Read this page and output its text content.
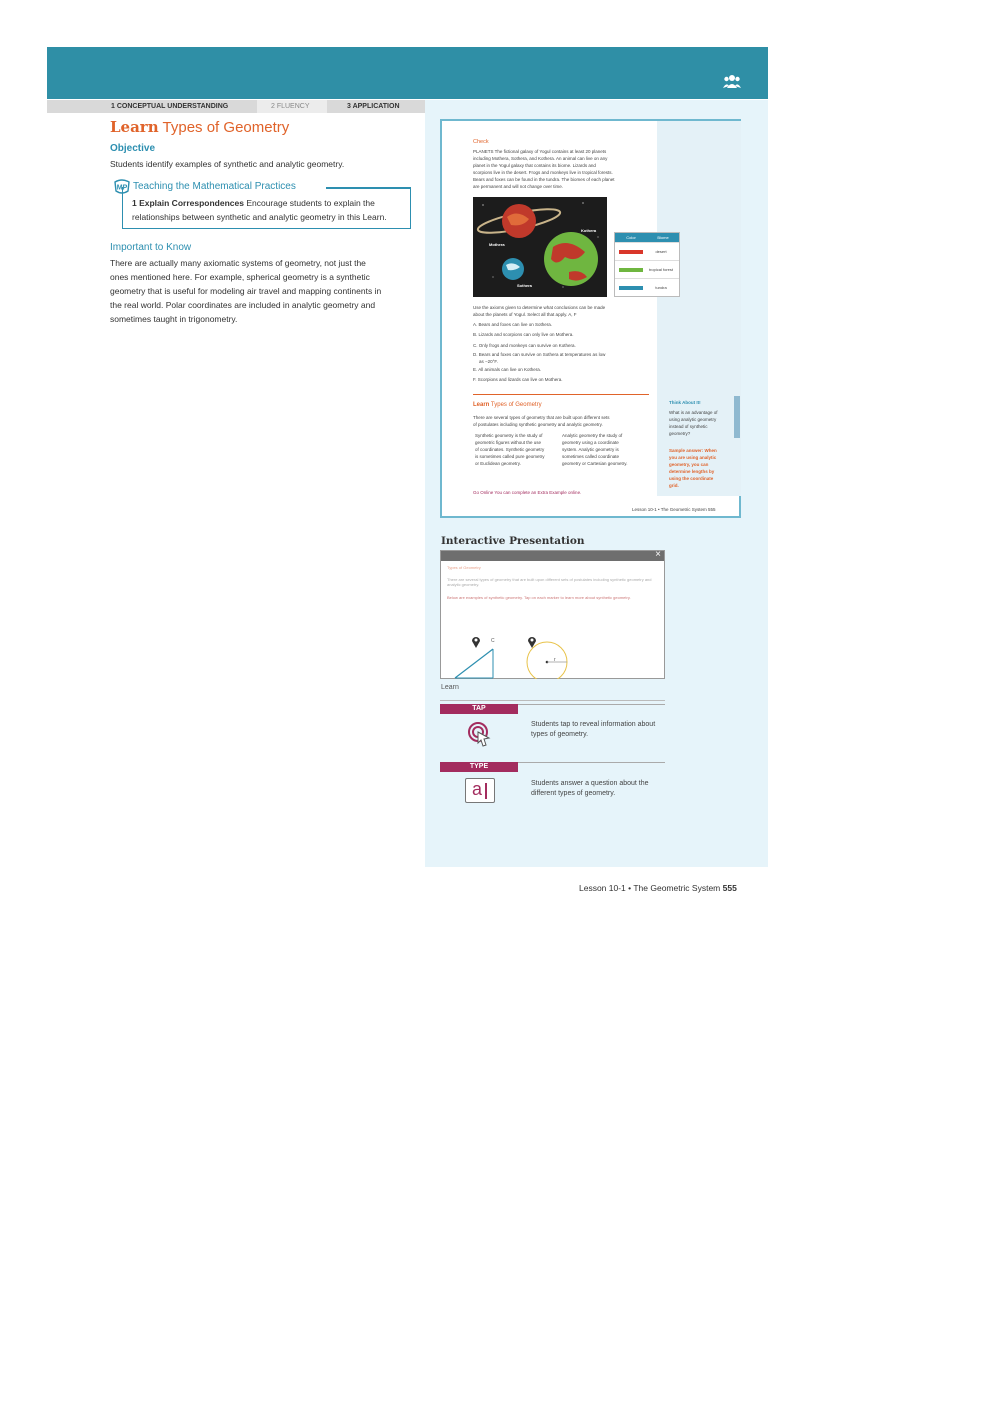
1 CONCEPTUAL UNDERSTANDING	2 FLUENCY	3 APPLICATION
Learn Types of Geometry
Objective
Students identify examples of synthetic and analytic geometry.
MP Teaching the Mathematical Practices
1 Explain Correspondences Encourage students to explain the
relationships between synthetic and analytic geometry in this Learn.
Important to Know
There are actually many axiomatic systems of geometry, not just the
ones mentioned here. For example, spherical geometry is a synthetic
geometry that is useful for modeling air travel and mapping continents in
the real world. Polar coordinates are included in analytic geometry and
sometimes taught in trigonometry.
Check
PLANETS The fictional galaxy of Yogul contains at least 20 planets
including Mothera, Sothera, and Kothera. An animal can live on any
planet in the Yogul galaxy that contains its biome. Lizards and
scorpions live in the desert. Frogs and monkeys live in tropical forests.
Bears and foxes can be found in the tundra. The biomes of each planet
are permanent and will not change over time.
Kothera
Mothera
Sothera
Color	Biome
desert
tropical forest
tundra
Use the axioms given to determine what conclusions can be made
about the planets of Yogul. Select all that apply. A, F
A. Bears and foxes can live on Sothera.
B. Lizards and scorpions can only live on Mothera.
C. Only frogs and monkeys can survive on Kothera.
D. Bears and foxes can survive on Sothera at temperatures as low
as −20°F.
E. All animals can live on Kothera.
F. Scorpions and lizards can live on Mothera.
Learn Types of Geometry
There are several types of geometry that are built upon different sets
of postulates including synthetic geometry and analytic geometry.
Synthetic geometry is the study of
geometric figures without the use
of coordinates. Synthetic geometry
is sometimes called pure geometry
or Euclidean geometry.
Analytic geometry the study of
geometry using a coordinate
system. Analytic geometry is
sometimes called coordinate
geometry or Cartesian geometry.
Go Online You can complete an Extra Example online.
Think About It!
What is an advantage of
using analytic geometry
instead of synthetic
geometry?
Sample answer: When
you are using analytic
geometry, you can
determine lengths by
using the coordinate
grid.
Lesson 10-1 • The Geometric System 555
Interactive Presentation
×
Types of Geometry
There are several types of geometry that are built upon different sets of postulates including synthetic geometry and
analytic geometry.
Below are examples of synthetic geometry. Tap on each marker to learn more about synthetic geometry.
C
r
Learn
TAP
Students tap to reveal information about
types of geometry.
TYPE
a	Students answer a question about the
different types of geometry.
Lesson 10-1 • The Geometric System 555
